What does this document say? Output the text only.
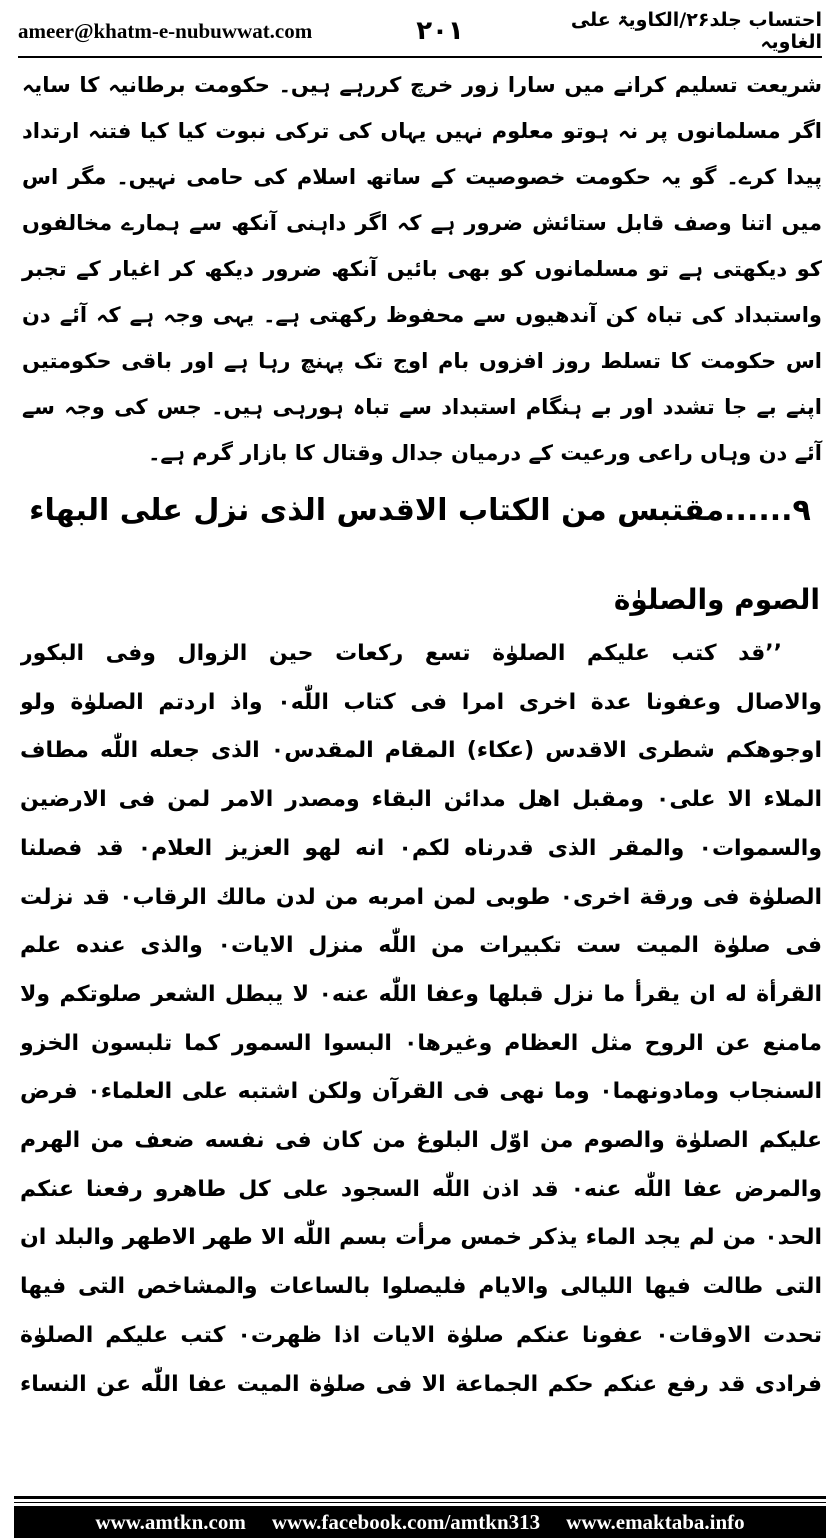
ameer@khatm-e-nubuwwat.com	۲۰۱	احتساب جلد۲۶/الکاویۃ علی الغاویہ
شریعت تسلیم کرانے میں سارا زور خرچ کررہے ہیں۔ حکومت برطانیہ کا سایہ اگر مسلمانوں پر نہ ہوتو معلوم نہیں یہاں کی ترکی نبوت کیا کیا فتنہ ارتداد پیدا کرے۔ گو یہ حکومت خصوصیت کے ساتھ اسلام کی حامی نہیں۔ مگر اس میں اتنا وصف قابل ستائش ضرور ہے کہ اگر داہنی آنکھ سے ہمارے مخالفوں کو دیکھتی ہے تو مسلمانوں کو بھی بائیں آنکھ ضرور دیکھ کر اغیار کے تجبر واستبداد کی تباہ کن آندھیوں سے محفوظ رکھتی ہے۔ یہی وجہ ہے کہ آئے دن اس حکومت کا تسلط روز افزوں بام اوج تک پہنچ رہا ہے اور باقی حکومتیں اپنے بے جا تشدد اور بے ہنگام استبداد سے تباہ ہورہی ہیں۔ جس کی وجہ سے آئے دن وہاں راعی ورعیت کے درمیان جدال وقتال کا بازار گرم ہے۔
۹......مقتبس من الکتاب الاقدس الذی نزل علی البهاء
الصوم والصلوٰة
’’قد کتب علیکم الصلوٰة تسع رکعات حین الزوال وفی البکور
والاصال وعفونا عدة اخری امرا فی کتاب اللّٰه٠ واذ اردتم الصلوٰة ولو
اوجوهکم شطری الاقدس (عکاء) المقام المقدس٠ الذی جعله اللّٰه مطاف
الملاء الا علی٠ ومقبل اهل مدائن البقاء ومصدر الامر لمن فی الارضین
والسموات٠ والمقر الذی قدرناه لکم٠ انه لهو العزیز العلام٠ قد فصلنا
الصلوٰة فی ورقة اخری٠ طوبی لمن امربه من لدن مالك الرقاب٠ قد نزلت
فی صلوٰة المیت ست تکبیرات من اللّٰه منزل الایات٠ والذی عنده علم
القرأة له ان یقرأ ما نزل قبلها وعفا اللّٰه عنه٠ لا یبطل الشعر صلوتکم ولا
مامنع عن الروح مثل العظام وغیرها٠ البسوا السمور کما تلبسون الخزو
السنجاب ومادونهما٠ وما نهی فی القرآن ولکن اشتبه علی العلماء٠ فرض
علیکم الصلوٰة والصوم من اوّل البلوغ من کان فی نفسه ضعف من الهرم
والمرض عفا اللّٰه عنه٠ قد اذن اللّٰه السجود علی کل طاهرو رفعنا عنکم
الحد٠ من لم یجد الماء یذکر خمس مرأت بسم اللّٰه الا طهر الاطهر والبلد ان
التی طالت فیها اللیالی والایام فلیصلوا بالساعات والمشاخص التی فیها
تحدت الاوقات٠ عفونا عنکم صلوٰة الایات اذا ظهرت٠ کتب علیکم الصلوٰة
فرادی قد رفع عنکم حکم الجماعة الا فی صلوٰة المیت عفا اللّٰه عن النساء
www.amtkn.com www.facebook.com/amtkn313 www.emaktaba.info
